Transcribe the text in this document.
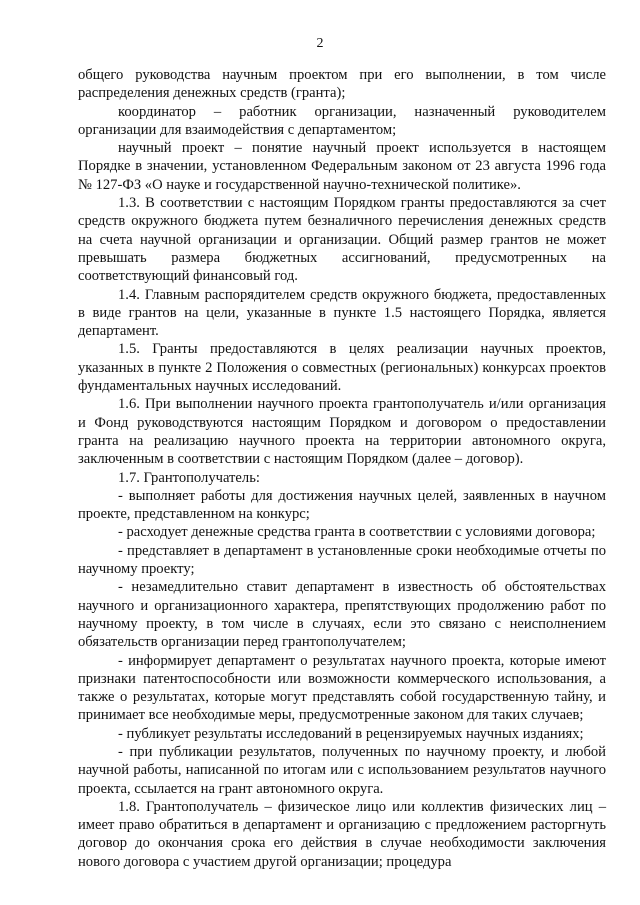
2

общего руководства научным проектом при его выполнении, в том числе распределения денежных средств (гранта);

координатор – работник организации, назначенный руководителем организации для взаимодействия с департаментом;

научный проект – понятие научный проект используется в настоящем Порядке в значении, установленном Федеральным законом от 23 августа 1996 года № 127-ФЗ «О науке и государственной научно-технической политике».

1.3. В соответствии с настоящим Порядком гранты предоставляются за счет средств окружного бюджета путем безналичного перечисления денежных средств на счета научной организации и организации. Общий размер грантов не может превышать размера бюджетных ассигнований, предусмотренных на соответствующий финансовый год.

1.4. Главным распорядителем средств окружного бюджета, предоставленных в виде грантов на цели, указанные в пункте 1.5 настоящего Порядка, является департамент.

1.5. Гранты предоставляются в целях реализации научных проектов, указанных в пункте 2 Положения о совместных (региональных) конкурсах проектов фундаментальных научных исследований.

1.6. При выполнении научного проекта грантополучатель и/или организация и Фонд руководствуются настоящим Порядком и договором о предоставлении гранта на реализацию научного проекта на территории автономного округа, заключенным в соответствии с настоящим Порядком (далее – договор).

1.7. Грантополучатель:

- выполняет работы для достижения научных целей, заявленных в научном проекте, представленном на конкурс;

- расходует денежные средства гранта в соответствии с условиями договора;

- представляет в департамент в установленные сроки необходимые отчеты по научному проекту;

- незамедлительно ставит департамент в известность об обстоятельствах научного и организационного характера, препятствующих продолжению работ по научному проекту, в том числе в случаях, если это связано с неисполнением обязательств организации перед грантополучателем;

- информирует департамент о результатах научного проекта, которые имеют признаки патентоспособности или возможности коммерческого использования, а также о результатах, которые могут представлять собой государственную тайну, и принимает все необходимые меры, предусмотренные законом для таких случаев;

- публикует результаты исследований в рецензируемых научных изданиях;

- при публикации результатов, полученных по научному проекту, и любой научной работы, написанной по итогам или с использованием результатов научного проекта, ссылается на грант автономного округа.

1.8. Грантополучатель – физическое лицо или коллектив физических лиц – имеет право обратиться в департамент и организацию с предложением расторгнуть договор до окончания срока его действия в случае необходимости заключения нового договора с участием другой организации; процедура
